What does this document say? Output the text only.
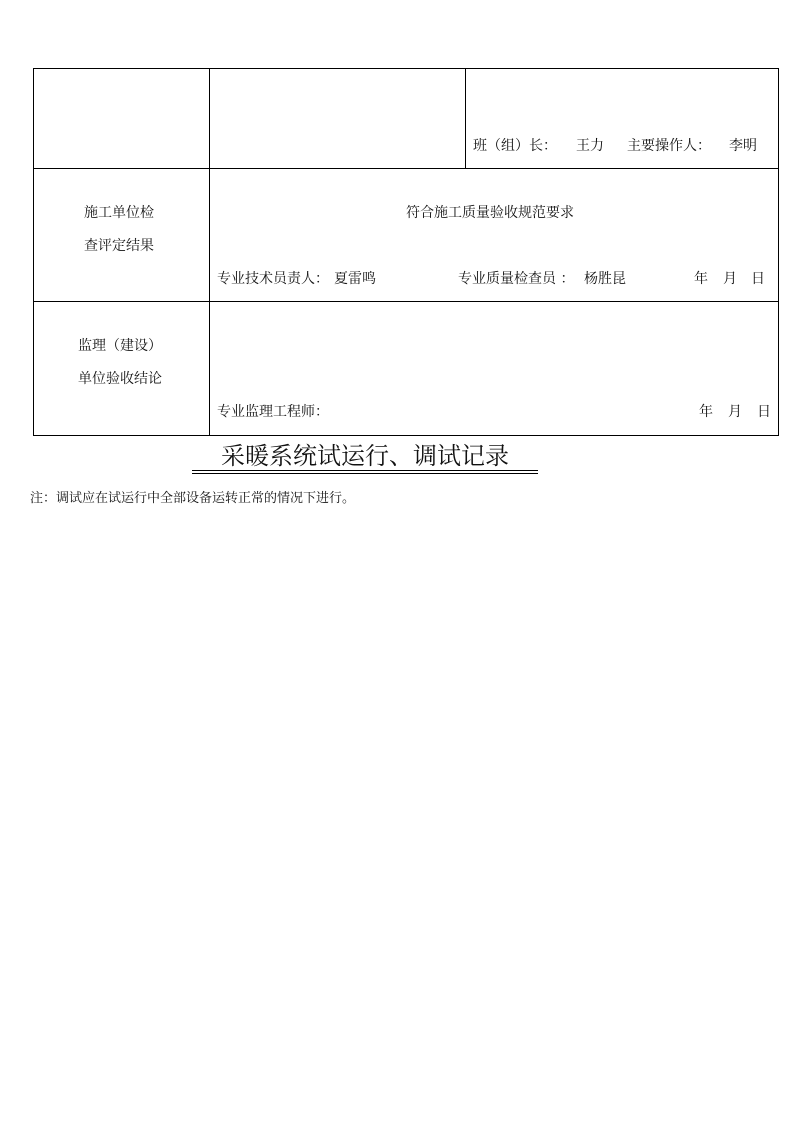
班（组）长： 王力 主要操作人： 李明
施工单位检
查评定结果
符合施工质量验收规范要求
专业技术员责人： 夏雷鸣	专业质量检查员 ： 杨胜昆	年 月 日
监理（建设）
单位验收结论
专业监理工程师：	年 月 日
采暖系统试运行、调试记录
注：调试应在试运行中全部设备运转正常的情况下进行。
